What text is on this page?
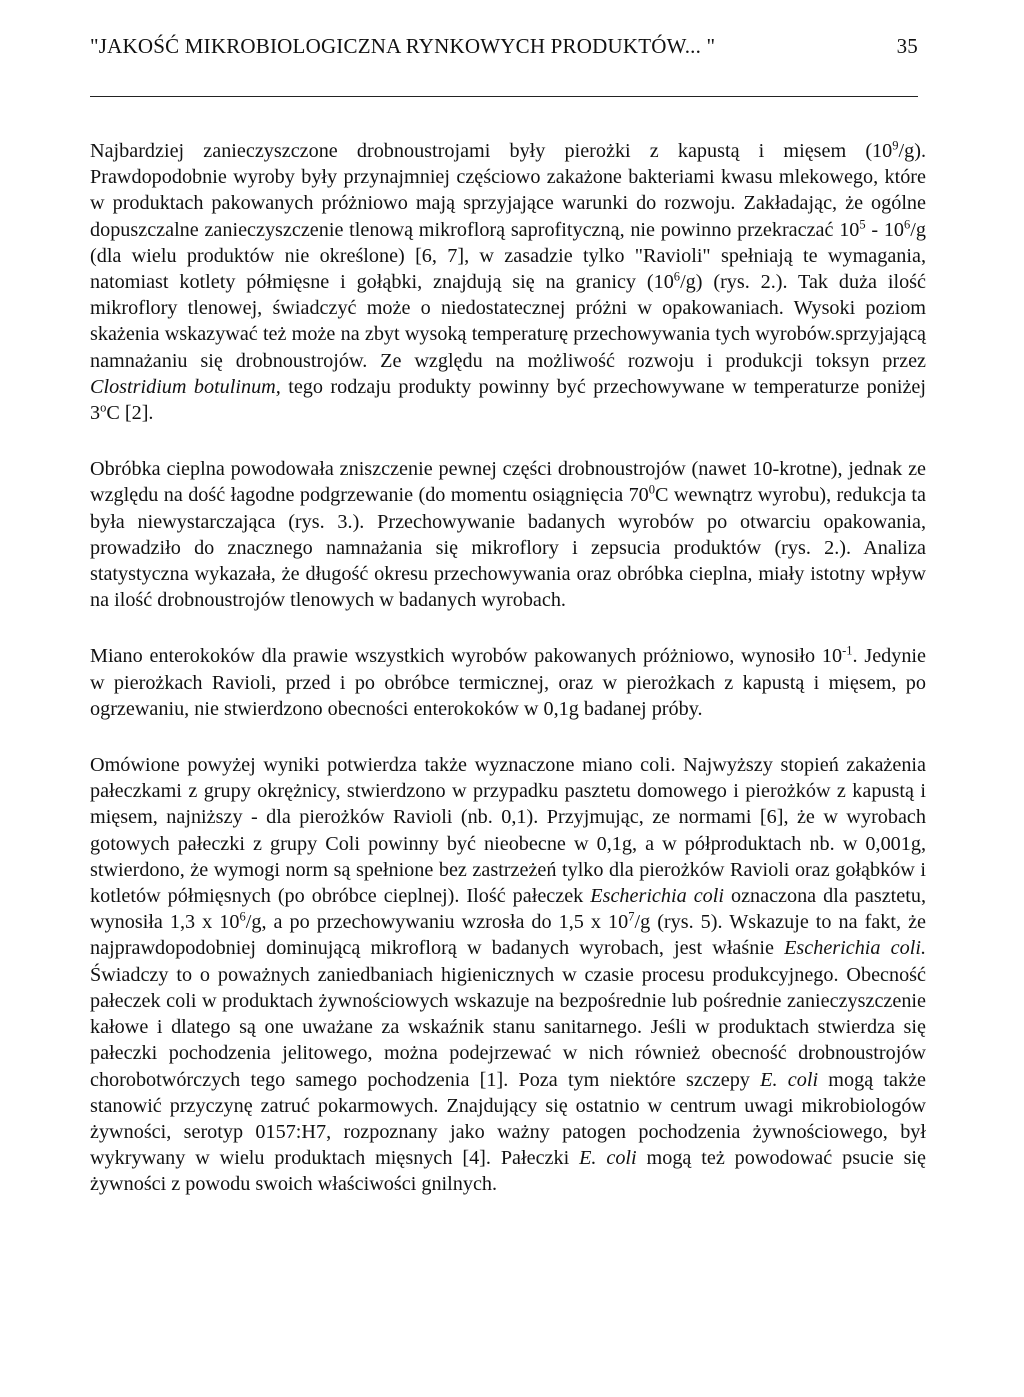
"JAKOŚĆ MIKROBIOLOGICZNA RYNKOWYCH PRODUKTÓW... "	35

Najbardziej zanieczyszczone drobnoustrojami były pierożki z kapustą i mięsem $(10^9/g)$. Prawdopodobnie wyroby były przynajmniej częściowo zakażone bakteriami kwasu mlekowego, które w produktach pakowanych próżniowo mają sprzyjające warunki do rozwoju. Zakładając, że ogólne dopuszczalne zanieczyszczenie tlenową mikroflorą saprofityczną, nie powinno przekraczać $10^5 - 10^6/g$ (dla wielu produktów nie określone) [6, 7], w zasadzie tylko "Ravioli" spełniają te wymagania, natomiast kotlety półmięsne i gołąbki, znajdują się na granicy $(10^6/g)$ (rys. 2.). Tak duża ilość mikroflory tlenowej, świadczyć może o niedostatecznej próżni w opakowaniach. Wysoki poziom skażenia wskazywać też może na zbyt wysoką temperaturę przechowywania tych wyrobów.sprzyjającą namnażaniu się drobnoustrojów. Ze względu na możliwość rozwoju i produkcji toksyn przez Clostridium botulinum, tego rodzaju produkty powinny być przechowywane w temperaturze poniżej 3$^o$C [2].

Obróbka cieplna powodowała zniszczenie pewnej części drobnoustrojów (nawet 10-krotne), jednak ze względu na dość łagodne podgrzewanie (do momentu osiągnięcia $70^0C$ wewnątrz wyrobu), redukcja ta była niewystarczająca (rys. 3.). Przechowywanie badanych wyrobów po otwarciu opakowania, prowadziło do znacznego namnażania się mikroflory i zepsucia produktów (rys. 2.). Analiza statystyczna wykazała, że długość okresu przechowywania oraz obróbka cieplna, miały istotny wpływ na ilość drobnoustrojów tlenowych w badanych wyrobach.

Miano enterokoków dla prawie wszystkich wyrobów pakowanych próżniowo, wynosiło $10^{-1}$. Jedynie w pierożkach Ravioli, przed i po obróbce termicznej, oraz w pierożkach z kapustą i mięsem, po ogrzewaniu, nie stwierdzono obecności enterokoków w 0,1g badanej próby.

Omówione powyżej wyniki potwierdza także wyznaczone miano coli. Najwyższy stopień zakażenia pałeczkami z grupy okrężnicy, stwierdzono w przypadku pasztetu domowego i pierożków z kapustą i mięsem, najniższy - dla pierożków Ravioli (nb. 0,1). Przyjmując, ze normami [6], że w wyrobach gotowych pałeczki z grupy Coli powinny być nieobecne w 0,1g, a w półproduktach nb. w 0,001g, stwierdono, że wymogi norm są spełnione bez zastrzeżeń tylko dla pierożków Ravioli oraz gołąbków i kotletów półmięsnych (po obróbce cieplnej). Ilość pałeczek Escherichia coli oznaczona dla pasztetu, wynosiła 1,3 x $10^6/g$, a po przechowywaniu wzrosła do 1,5 x $10^7/g$ (rys. 5). Wskazuje to na fakt, że najprawdopodobniej dominującą mikroflorą w badanych wyrobach, jest właśnie Escherichia coli. Świadczy to o poważnych zaniedbaniach higienicznych w czasie procesu produkcyjnego. Obecność pałeczek coli w produktach żywnościowych wskazuje na bezpośrednie lub pośrednie zanieczyszczenie kałowe i dlatego są one uważane za wskaźnik stanu sanitarnego. Jeśli w produktach stwierdza się pałeczki pochodzenia jelitowego, można podejrzewać w nich również obecność drobnoustrojów chorobotwórczych tego samego pochodzenia [1]. Poza tym niektóre szczepy E. coli mogą także stanowić przyczynę zatruć pokarmowych. Znajdujący się ostatnio w centrum uwagi mikrobiologów żywności, serotyp 0157:H7, rozpoznany jako ważny patogen pochodzenia żywnościowego, był wykrywany w wielu produktach mięsnych [4]. Pałeczki E. coli mogą też powodować psucie się żywności z powodu swoich właściwości gnilnych.
